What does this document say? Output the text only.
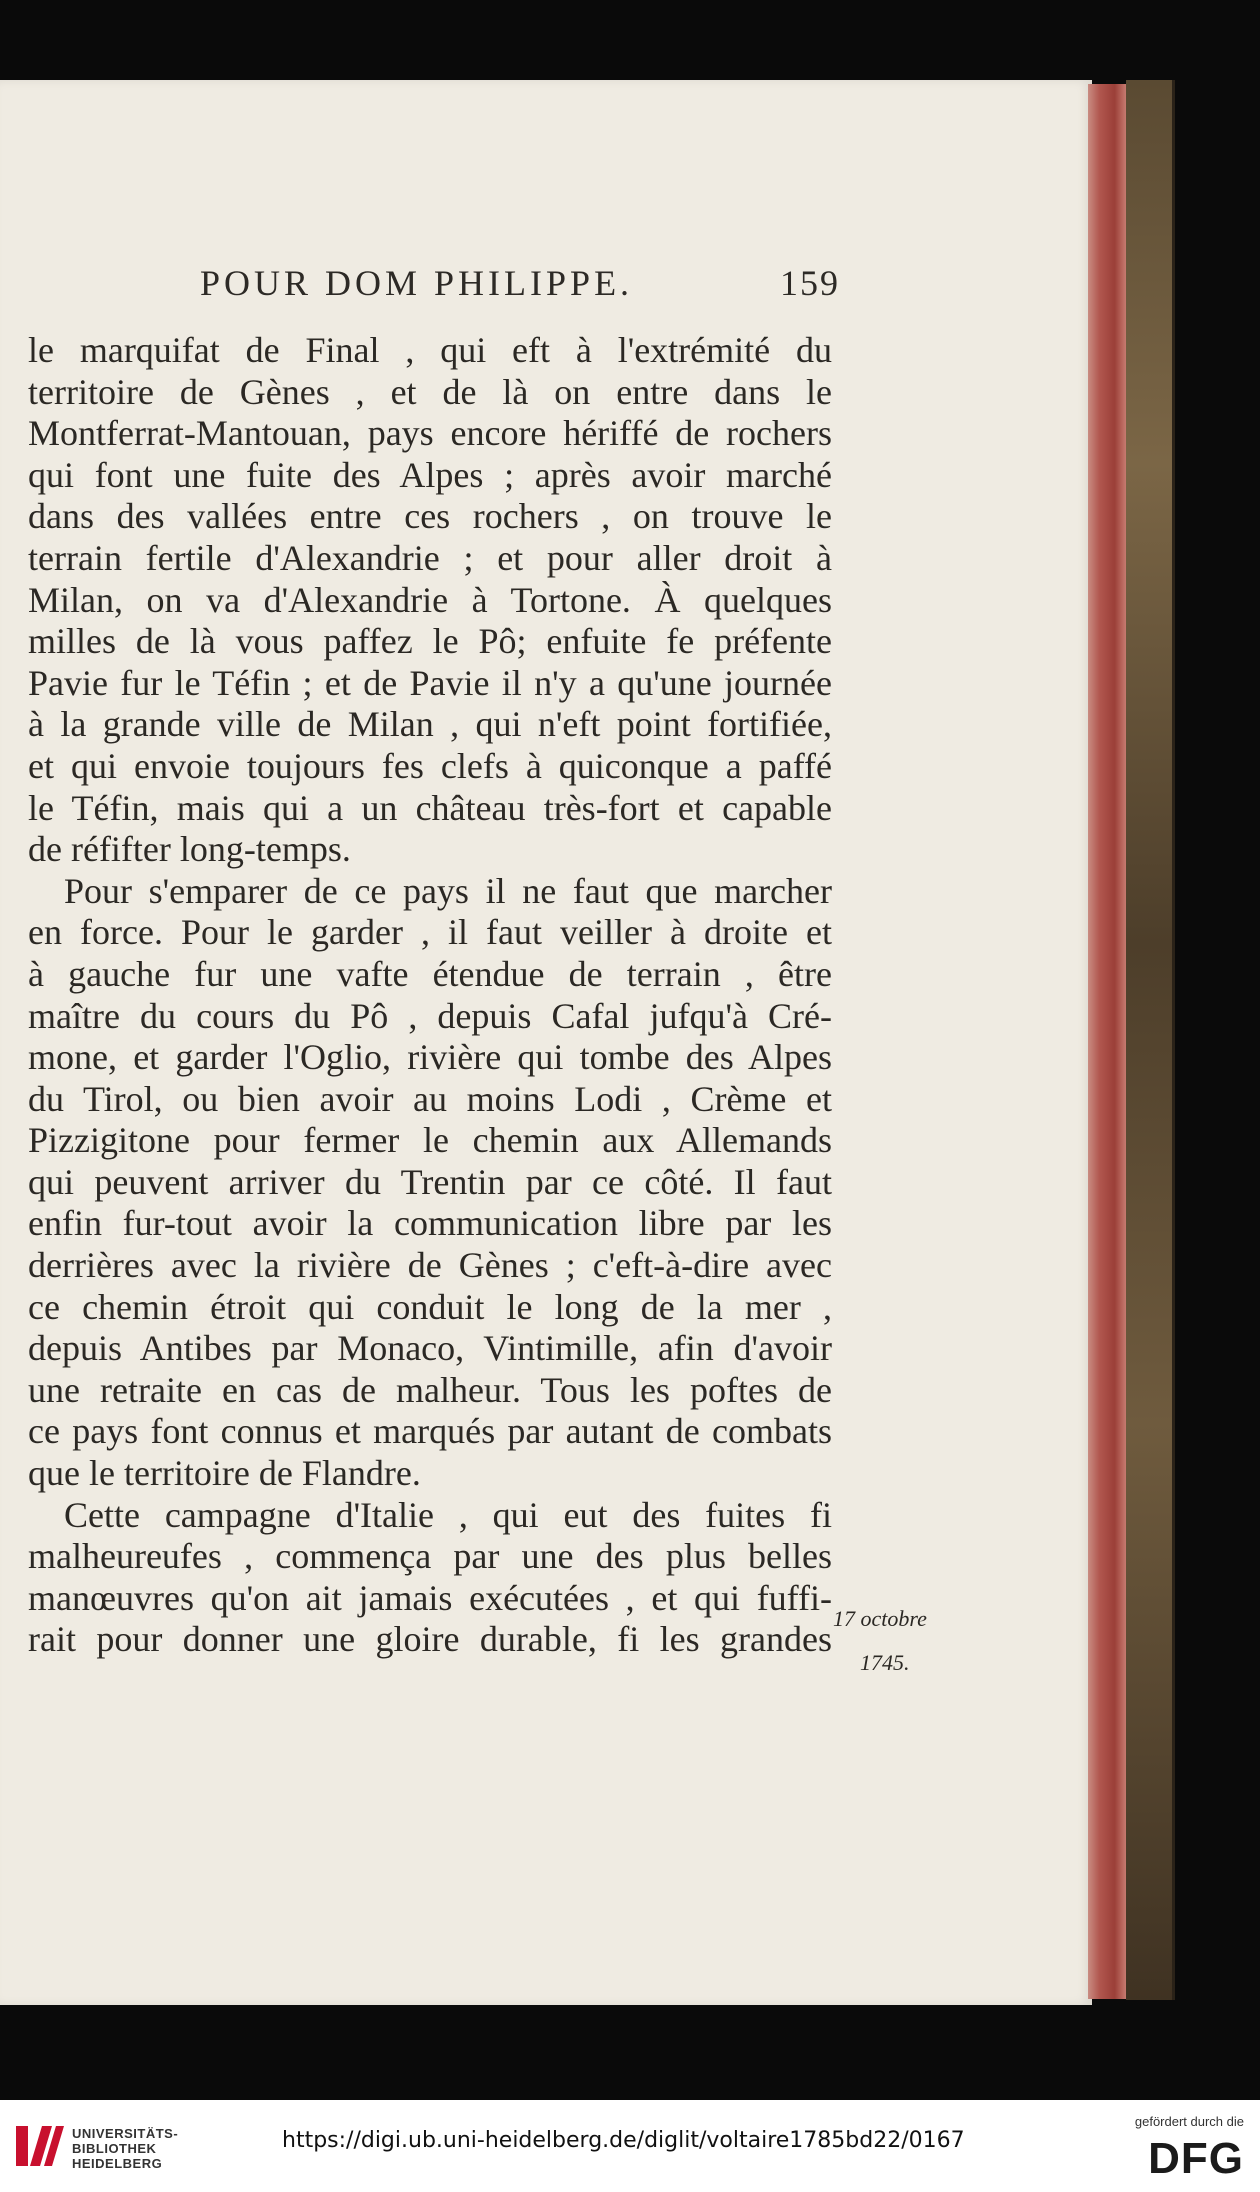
POUR DOM PHILIPPE.	159
le marquifat de Final , qui eft à l'extrémité du
territoire de Gènes , et de là on entre dans le
Montferrat-Mantouan, pays encore hériffé de rochers
qui font une fuite des Alpes ; après avoir marché
dans des vallées entre ces rochers , on trouve le
terrain fertile d'Alexandrie ; et pour aller droit à
Milan, on va d'Alexandrie à Tortone. À quelques
milles de là vous paffez le Pô; enfuite fe préfente
Pavie fur le Téfin ; et de Pavie il n'y a qu'une journée
à la grande ville de Milan , qui n'eft point fortifiée,
et qui envoie toujours fes clefs à quiconque a paffé
le Téfin, mais qui a un château très-fort et capable
de réfifter long-temps.
Pour s'emparer de ce pays il ne faut que marcher
en force. Pour le garder , il faut veiller à droite et
à gauche fur une vafte étendue de terrain , être
maître du cours du Pô , depuis Cafal jufqu'à Cré-
mone, et garder l'Oglio, rivière qui tombe des Alpes
du Tirol, ou bien avoir au moins Lodi , Crème et
Pizzigitone pour fermer le chemin aux Allemands
qui peuvent arriver du Trentin par ce côté. Il faut
enfin fur-tout avoir la communication libre par les
derrières avec la rivière de Gènes ; c'eft-à-dire avec
ce chemin étroit qui conduit le long de la mer ,
depuis Antibes par Monaco, Vintimille, afin d'avoir
une retraite en cas de malheur. Tous les poftes de
ce pays font connus et marqués par autant de combats
que le territoire de Flandre.
Cette campagne d'Italie , qui eut des fuites fi
malheureufes , commença par une des plus belles
manœuvres qu'on ait jamais exécutées , et qui fuffi-
rait pour donner une gloire durable, fi les grandes
17 octobre
1745.
UNIVERSITÄTS-
BIBLIOTHEK
HEIDELBERG
https://digi.ub.uni-heidelberg.de/diglit/voltaire1785bd22/0167
gefördert durch die
DFG
